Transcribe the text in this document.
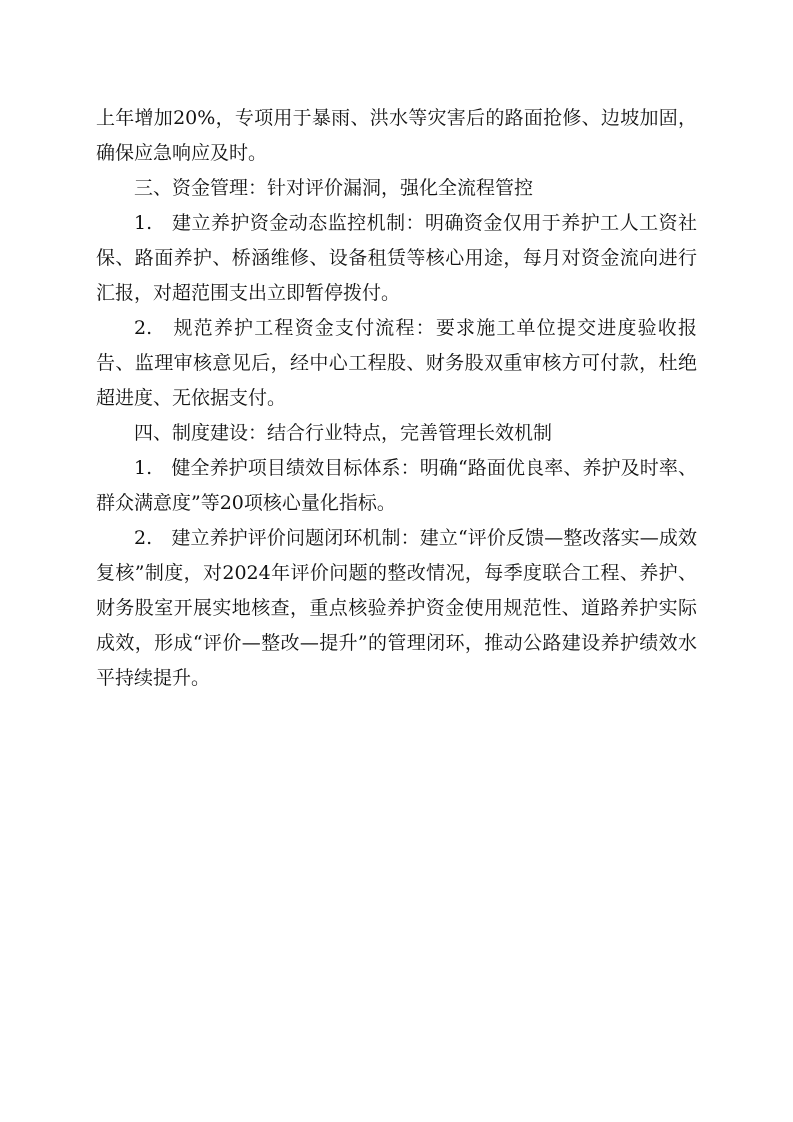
上年增加20%，专项用于暴雨、洪水等灾害后的路面抢修、边坡加固，确保应急响应及时。

三、资金管理：针对评价漏洞，强化全流程管控

1.　建立养护资金动态监控机制：明确资金仅用于养护工人工资社保、路面养护、桥涵维修、设备租赁等核心用途，每月对资金流向进行汇报，对超范围支出立即暂停拨付。

2.　规范养护工程资金支付流程：要求施工单位提交进度验收报告、监理审核意见后，经中心工程股、财务股双重审核方可付款，杜绝超进度、无依据支付。

四、制度建设：结合行业特点，完善管理长效机制

1.　健全养护项目绩效目标体系：明确“路面优良率、养护及时率、群众满意度”等20项核心量化指标。

2.　建立养护评价问题闭环机制：建立“评价反馈—整改落实—成效复核”制度，对2024年评价问题的整改情况，每季度联合工程、养护、财务股室开展实地核查，重点核验养护资金使用规范性、道路养护实际成效，形成“评价—整改—提升”的管理闭环，推动公路建设养护绩效水平持续提升。
